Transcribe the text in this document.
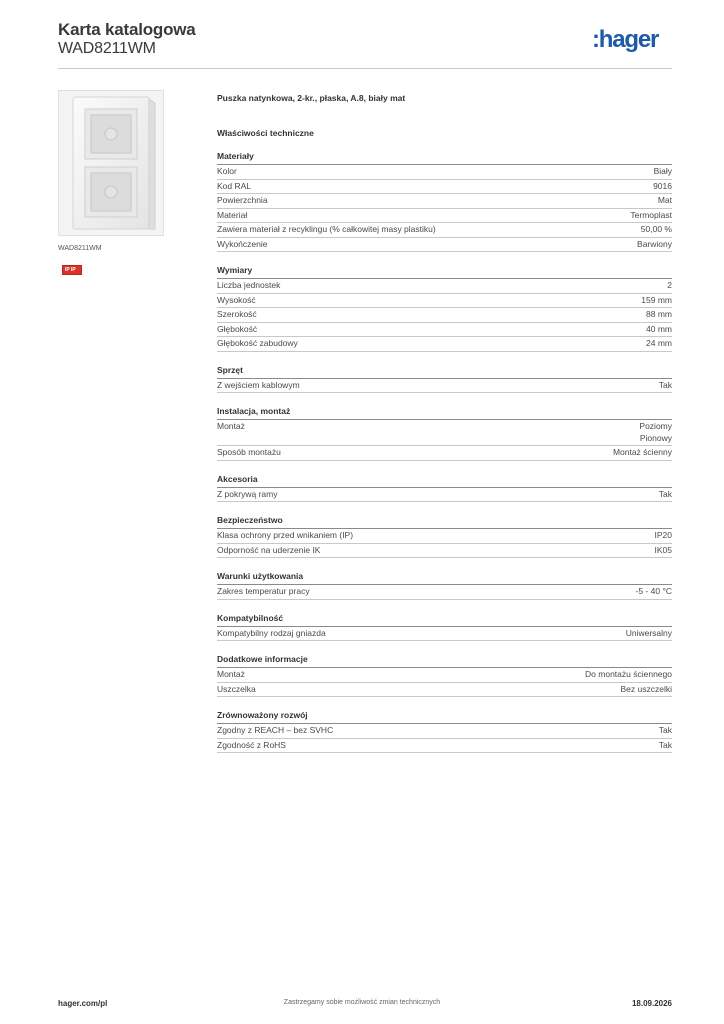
Karta katalogowa
WAD8211WM	:hager
WAD8211WM
IP IP
Puszka natynkowa, 2-kr., płaska, A.8, biały mat
Właściwości techniczne
Materiały
Kolor	Biały
Kod RAL	9016
Powierzchnia	Mat
Materiał	Termoplast
Zawiera materiał z recyklingu (% całkowitej masy plastiku)	50,00 %
Wykończenie	Barwiony
Wymiary
Liczba jednostek	2
Wysokość	159 mm
Szerokość	88 mm
Głębokość	40 mm
Głębokość zabudowy	24 mm
Sprzęt
Z wejściem kablowym	Tak
Instalacja, montaż
Montaż	Poziomy
Pionowy
Sposób montażu	Montaż ścienny
Akcesoria
Z pokrywą ramy	Tak
Bezpieczeństwo
Klasa ochrony przed wnikaniem (IP)	IP20
Odporność na uderzenie IK	IK05
Warunki użytkowania
Zakres temperatur pracy	-5 - 40 °C
Kompatybilność
Kompatybilny rodzaj gniazda	Uniwersalny
Dodatkowe informacje
Montaż	Do montażu ściennego
Uszczelka	Bez uszczelki
Zrównoważony rozwój
Zgodny z REACH – bez SVHC	Tak
Zgodność z RoHS	Tak
hager.com/pl	Zastrzegamy sobie możliwość zmian technicznych	18.09.2026
